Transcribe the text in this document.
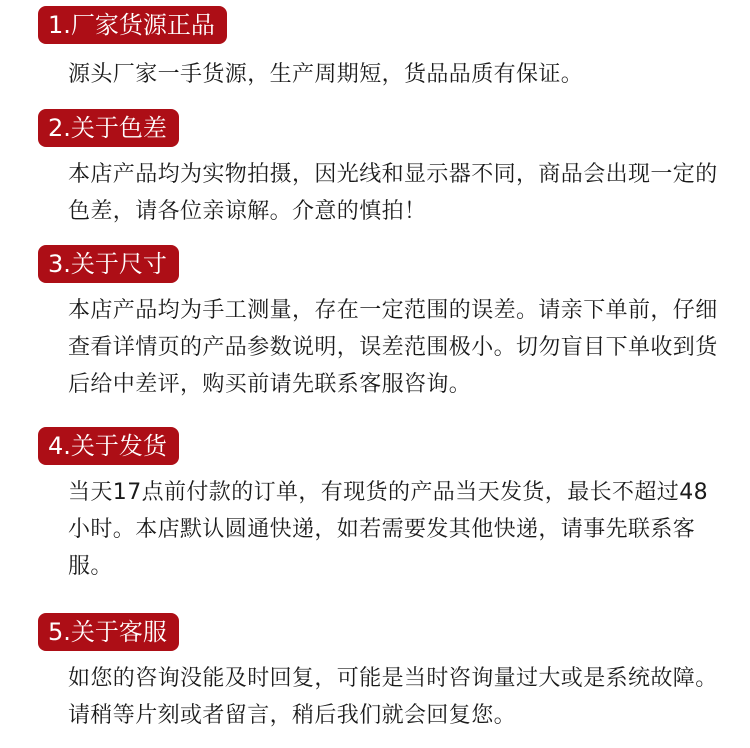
1.厂家货源正品

源头厂家一手货源，生产周期短，货品品质有保证。

2.关于色差

本店产品均为实物拍摄，因光线和显示器不同，商品会出现一定的色差，请各位亲谅解。介意的慎拍！

3.关于尺寸

本店产品均为手工测量，存在一定范围的误差。请亲下单前，仔细查看详情页的产品参数说明，误差范围极小。切勿盲目下单收到货后给中差评，购买前请先联系客服咨询。

4.关于发货

当天17点前付款的订单，有现货的产品当天发货，最长不超过48小时。本店默认圆通快递，如若需要发其他快递，请事先联系客服。

5.关于客服

如您的咨询没能及时回复，可能是当时咨询量过大或是系统故障。请稍等片刻或者留言，稍后我们就会回复您。
